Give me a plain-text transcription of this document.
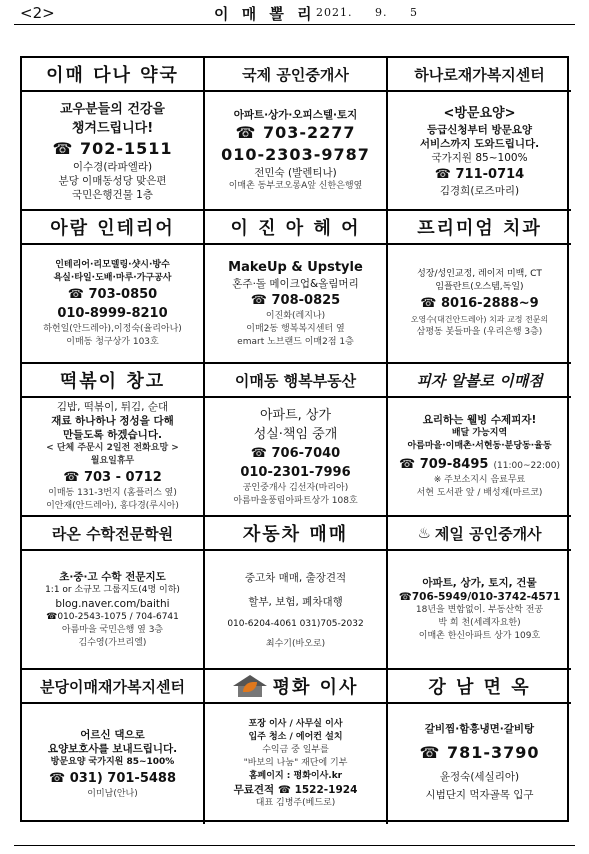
<2>	이 매 뽈 리 2021. 9. 5
이매 다나 약국
교우분들의 건강을
챙겨드립니다!
☎ 702-1511
이수경(라파엘라)
분당 이매동성당 맞은편
국민은행건물 1층
국제 공인중개사
아파트·상가·오피스텔·토지
☎ 703-2277
010-2303-9787
전민숙 (발렌티나)
이매촌 동부코오롱A앞 신한은행옆
하나로재가복지센터
<방문요양>
등급신청부터 방문요양
서비스까지 도와드립니다.
국가지원 85~100%
☎ 711-0714
김경희(로즈마리)
아람 인테리어
인테리어·리모델링·샷시·방수
욕실·타일·도배·마루·가구공사
☎ 703-0850
010-8999-8210
하헌일(안드레아),이정숙(율리아나)
이매동 청구상가 103호
이 진 아 헤 어
MakeUp & Upstyle
혼주·돌 메이크업&올림머리
☎ 708-0825
이진화(레지나)
이매2동 행복복지센터 옆
emart 노브랜드 이매2점 1층
프리미엄 치과
성장/성인교정, 레이저 미백, CT
임플란트(오스템,독일)
☎ 8016-2888~9
오영수(대건안드레아) 치과 교정 전문의
삼평동 봇들마을 (우리은행 3층)
떡볶이 창고
김밥, 떡볶이, 튀김, 순대
재료 하나하나 정성을 다해
만들도록 하겠습니다.
< 단체 주문시 2일전 전화요망 >
월요일휴무
☎ 703 - 0712
이매동 131-3번지 (홈플러스 옆)
이안재(안드레아), 홍다경(루시아)
이매동 행복부동산
아파트, 상가
성실·책임 중개
☎ 706-7040
010-2301-7996
공인중개사 김선자(마리아)
아름마을풍림아파트상가 108호
피자 알볼로 이매점
요리하는 웰빙 수제피자!
배달 가능지역
아름마을·이매촌·서현동·분당동·율동
☎ 709-8495 (11:00~22:00)
※ 주보소지시 음료무료
서현 도서관 앞 / 배성재(마르코)
라온 수학전문학원
초·중·고 수학 전문지도
1:1 or 소규모 그룹지도(4명 이하)
blog.naver.com/baithi
☎010-2543-1075 / 704-6741
아름마을 국민은행 옆 3층
김수영(가브리엘)
자동차 매매
중고차 매매, 출장견적
할부, 보험, 폐차대행
010-6204-4061 031)705-2032
최수기(바오로)
♨ 제일 공인중개사
아파트, 상가, 토지, 건물
☎706-5949/010-3742-4571
18년을 변함없이. 부동산학 전공
박 희 천(세례자요한)
이매촌 한신아파트 상가 109호
분당이매재가복지센터
어르신 댁으로
요양보호사를 보내드립니다.
방문요양 국가지원 85~100%
☎ 031) 701-5488
이미남(안나)
평화 이사
포장 이사 / 사무실 이사
입주 청소 / 에어컨 설치
수익금 중 일부를
"바보의 나눔" 재단에 기부
홈페이지 : 평화이사.kr
무료견적 ☎ 1522-1924
대표 김병주(베드로)
강 남 면 옥
갈비찜·함흥냉면·갈비탕
☎ 781-3790
윤정숙(세실리아)
시범단지 먹자골목 입구
